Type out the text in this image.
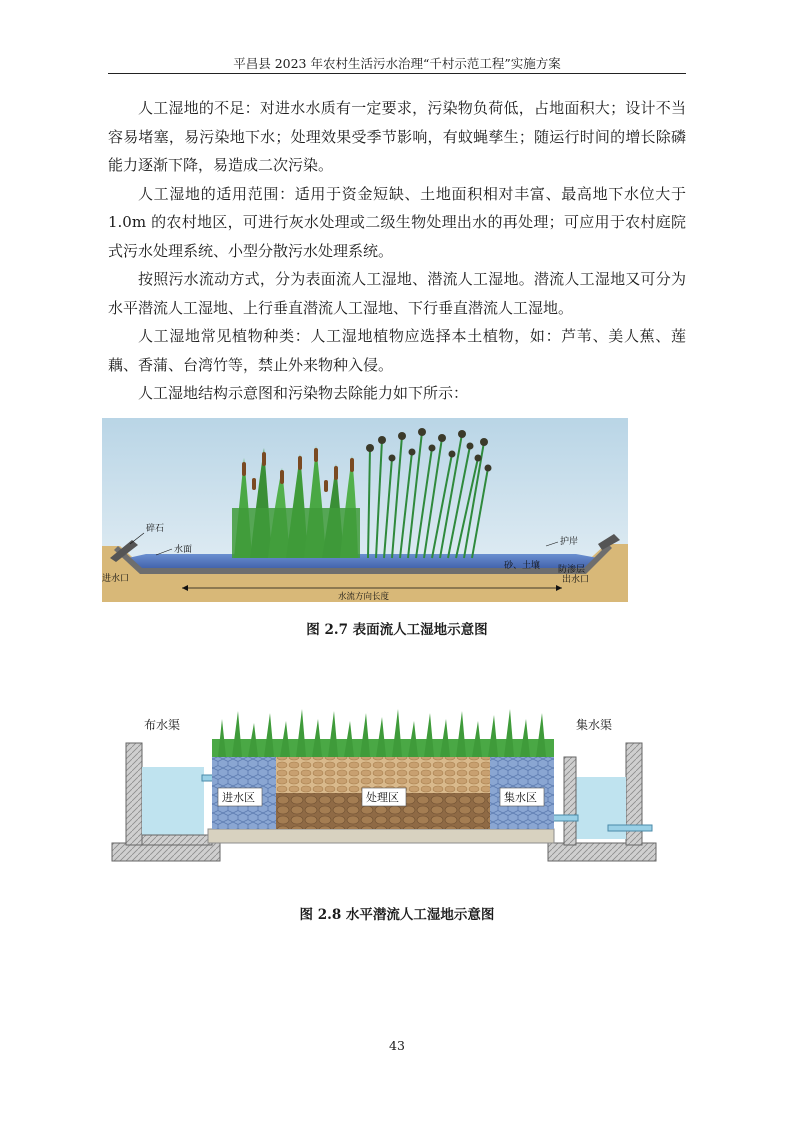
平昌县 2023 年农村生活污水治理“千村示范工程”实施方案

人工湿地的不足：对进水水质有一定要求，污染物负荷低，占地面积大；设计不当容易堵塞，易污染地下水；处理效果受季节影响，有蚊蝇孳生；随运行时间的增长除磷能力逐渐下降，易造成二次污染。

人工湿地的适用范围：适用于资金短缺、土地面积相对丰富、最高地下水位大于 1.0m 的农村地区，可进行灰水处理或二级生物处理出水的再处理；可应用于农村庭院式污水处理系统、小型分散污水处理系统。

按照污水流动方式，分为表面流人工湿地、潜流人工湿地。潜流人工湿地又可分为水平潜流人工湿地、上行垂直潜流人工湿地、下行垂直潜流人工湿地。

人工湿地常见植物种类：人工湿地植物应选择本土植物，如：芦苇、美人蕉、莲藕、香蒲、台湾竹等，禁止外来物种入侵。

人工湿地结构示意图和污染物去除能力如下所示：

碎石
水面
进水口
护岸
砂、土壤 防渗层
出水口
水流方向长度
图 2.7 表面流人工湿地示意图
进水区	处理区	集水区
布水渠	集水渠
图 2.8 水平潜流人工湿地示意图
43
